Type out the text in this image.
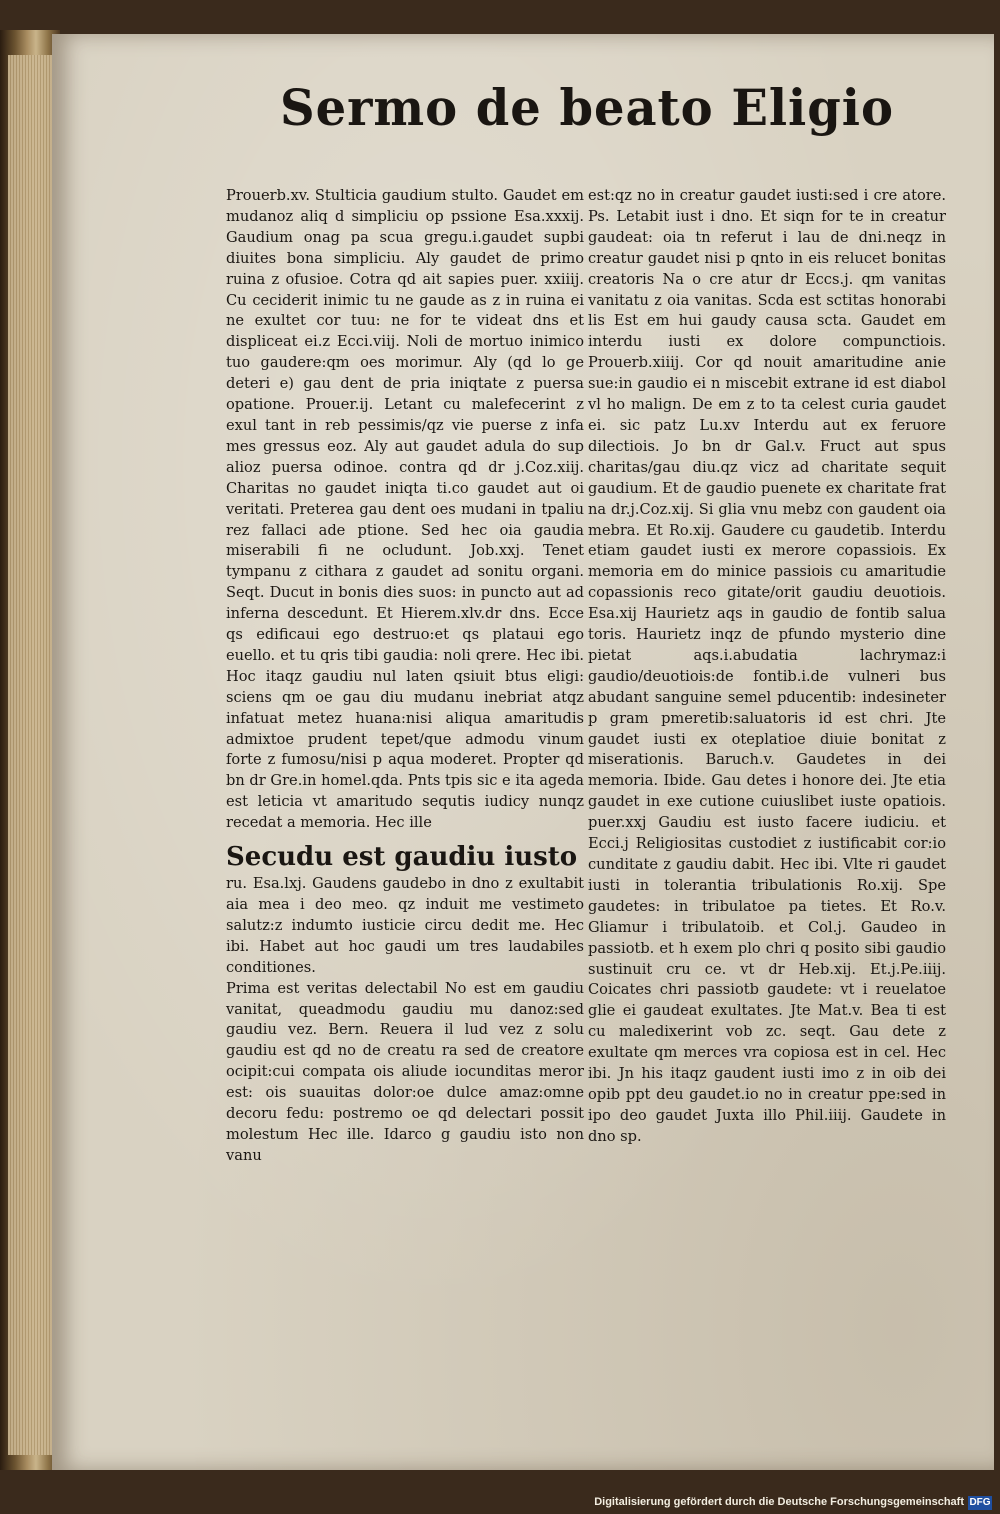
Sermo de beato Eligio

Prouerb.xv. Stulticia gaudium stulto. Gaudet em mudanoz aliq d simpliciu op pssione Esa.xxxij. Gaudium onag pa scua gregu.i.gaudet supbi diuites bona simpliciu. Aly gaudet de primo ruina z ofusioe. Cotra qd ait sapies puer. xxiiij. Cu ceciderit inimic tu ne gaude as z in ruina ei ne exultet cor tuu: ne for te videat dns et displiceat ei.z Ecci.viij. Noli de mortuo inimico tuo gaudere:qm oes morimur. Aly (qd lo ge deteri e) gau dent de pria iniqtate z puersa opatione. Prouer.ij. Letant cu malefecerint z exul tant in reb pessimis/qz vie puerse z infa mes gressus eoz. Aly aut gaudet adula do sup alioz puersa odinoe. contra qd dr j.Coz.xiij. Charitas no gaudet iniqta ti.co gaudet aut oi veritati. Preterea gau dent oes mudani in tpaliu rez fallaci ade ptione. Sed hec oia gaudia miserabili fi ne ocludunt. Job.xxj. Tenet tympanu z cithara z gaudet ad sonitu organi. Seqt. Ducut in bonis dies suos: in puncto aut ad inferna descedunt. Et Hierem.xlv.dr dns. Ecce qs edificaui ego destruo:et qs plataui ego euello. et tu qris tibi gaudia: noli qrere. Hec ibi. Hoc itaqz gaudiu nul laten qsiuit btus eligi: sciens qm oe gau diu mudanu inebriat atqz infatuat metez huana:nisi aliqua amaritudis admixtoe prudent tepet/que admodu vinum forte z fumosu/nisi p aqua moderet. Propter qd bn dr Gre.in homel.qda. Pnts tpis sic e ita ageda est leticia vt amaritudo sequtis iudicy nunqz recedat a memoria. Hec ille

Secudu est gaudiu iusto

ru. Esa.lxj. Gaudens gaudebo in dno z exultabit aia mea i deo meo. qz induit me vestimeto salutz:z indumto iusticie circu dedit me. Hec ibi. Habet aut hoc gaudi um tres laudabiles conditiones.

Prima est veritas delectabil No est em gaudiu vanitat, queadmodu gaudiu mu danoz:sed gaudiu vez. Bern. Reuera il lud vez z solu gaudiu est qd no de creatu ra sed de creatore ocipit:cui compata ois aliude iocunditas meror est: ois suauitas dolor:oe dulce amaz:omne decoru fedu: postremo oe qd delectari possit molestum Hec ille. Idarco g gaudiu isto non vanu

est:qz no in creatur gaudet iusti:sed i cre atore. Ps. Letabit iust i dno. Et siqn for te in creatur gaudeat: oia tn referut i lau de dni.neqz in creatur gaudet nisi p qnto in eis relucet bonitas creatoris Na o cre atur dr Eccs.j. qm vanitas vanitatu z oia vanitas. Scda est sctitas honorabi lis Est em hui gaudy causa scta. Gaudet em interdu iusti ex dolore compunctiois. Prouerb.xiiij. Cor qd nouit amaritudine anie sue:in gaudio ei n miscebit extrane id est diabol vl ho malign. De em z to ta celest curia gaudet ei. sic patz Lu.xv Interdu aut ex feruore dilectiois. Jo bn dr Gal.v. Fruct aut spus charitas/gau diu.qz vicz ad charitate sequit gaudium. Et de gaudio puenete ex charitate frat na dr.j.Coz.xij. Si glia vnu mebz con gaudent oia mebra. Et Ro.xij. Gaudere cu gaudetib. Interdu etiam gaudet iusti ex merore copassiois. Ex memoria em do minice passiois cu amaritudie copassionis reco gitate/orit gaudiu deuotiois. Esa.xij Haurietz aqs in gaudio de fontib salua toris. Haurietz inqz de pfundo mysterio dine pietat aqs.i.abudatia lachrymaz:i gaudio/deuotiois:de fontib.i.de vulneri bus abudant sanguine semel pducentib: indesineter p gram pmeretib:saluatoris id est chri. Jte gaudet iusti ex oteplatioe diuie bonitat z miserationis. Baruch.v. Gaudetes in dei memoria. Ibide. Gau detes i honore dei. Jte etia gaudet in exe cutione cuiuslibet iuste opatiois. puer.xxj Gaudiu est iusto facere iudiciu. et Ecci.j Religiositas custodiet z iustificabit cor:io cunditate z gaudiu dabit. Hec ibi. Vlte ri gaudet iusti in tolerantia tribulationis Ro.xij. Spe gaudetes: in tribulatoe pa tietes. Et Ro.v. Gliamur i tribulatoib. et Col.j. Gaudeo in passiotb. et h exem plo chri q posito sibi gaudio sustinuit cru ce. vt dr Heb.xij. Et.j.Pe.iiij. Coicates chri passiotb gaudete: vt i reuelatoe glie ei gaudeat exultates. Jte Mat.v. Bea ti est cu maledixerint vob zc. seqt. Gau dete z exultate qm merces vra copiosa est in cel. Hec ibi. Jn his itaqz gaudent iusti imo z in oib dei opib ppt deu gaudet.io no in creatur ppe:sed in ipo deo gaudet Juxta illo Phil.iiij. Gaudete in dno sp.

Digitalisierung gefördert durch die Deutsche Forschungsgemeinschaft DFG
